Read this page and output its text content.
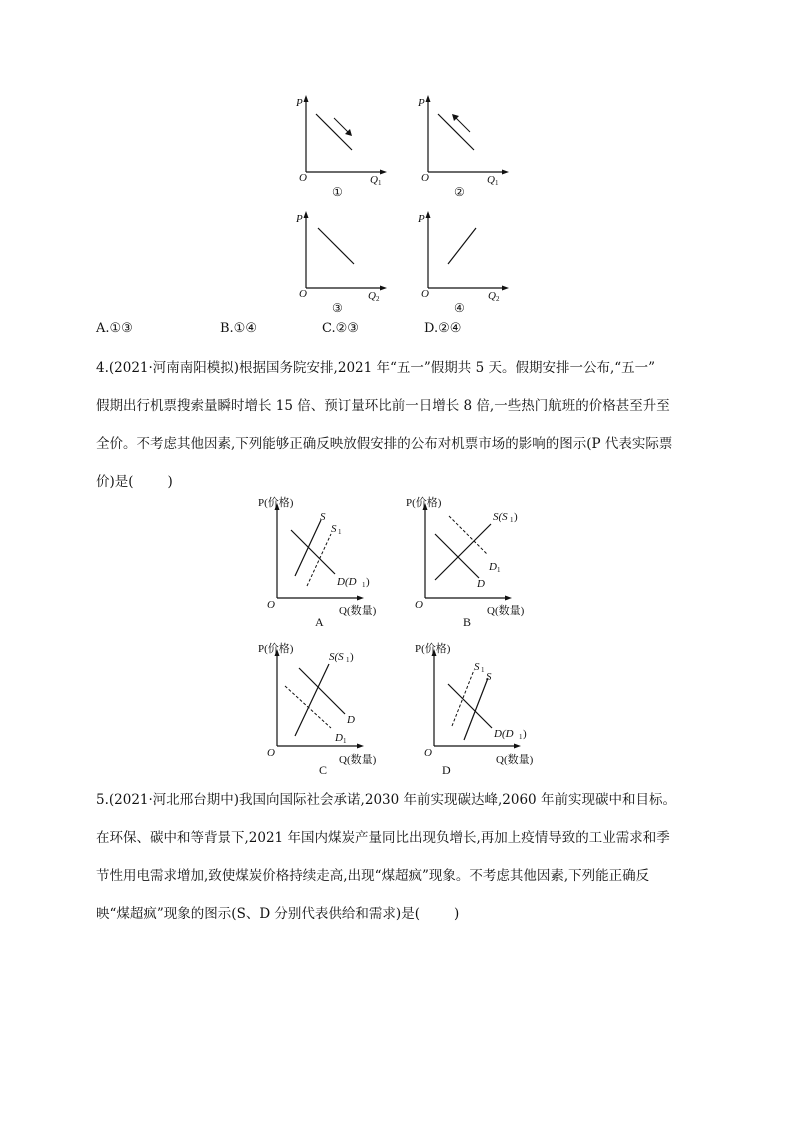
P
O	Q 1
①
P
O	Q 1
②
P
O	Q 2
③
P
O	Q 2
④
A.①③	B.①④	C.②③	D.②④
4.(2021·河南南阳模拟)根据国务院安排,2021 年“五一”假期共 5 天。假期安排一公布,“五一”
假期出行机票搜索量瞬时增长 15 倍、预订量环比前一日增长 8 倍,一些热门航班的价格甚至升至
全价。不考虑其他因素,下列能够正确反映放假安排的公布对机票市场的影响的图示(P 代表实际票
价)是(	)
P(价格)
O	Q(数量)
S
S 1
D(D 1 )
A
P(价格)
O	Q(数量)
S(S 1 )
D 1
D
B
P(价格)
O
Q(数量)
S(S 1 )
D
D 1
C
P(价格)
O
Q(数量)
S 1
S
D(D 1 )
D
5.(2021·河北邢台期中)我国向国际社会承诺,2030 年前实现碳达峰,2060 年前实现碳中和目标。
在环保、碳中和等背景下,2021 年国内煤炭产量同比出现负增长,再加上疫情导致的工业需求和季
节性用电需求增加,致使煤炭价格持续走高,出现“煤超疯”现象。不考虑其他因素,下列能正确反
映“煤超疯”现象的图示(S、D 分别代表供给和需求)是(	)
